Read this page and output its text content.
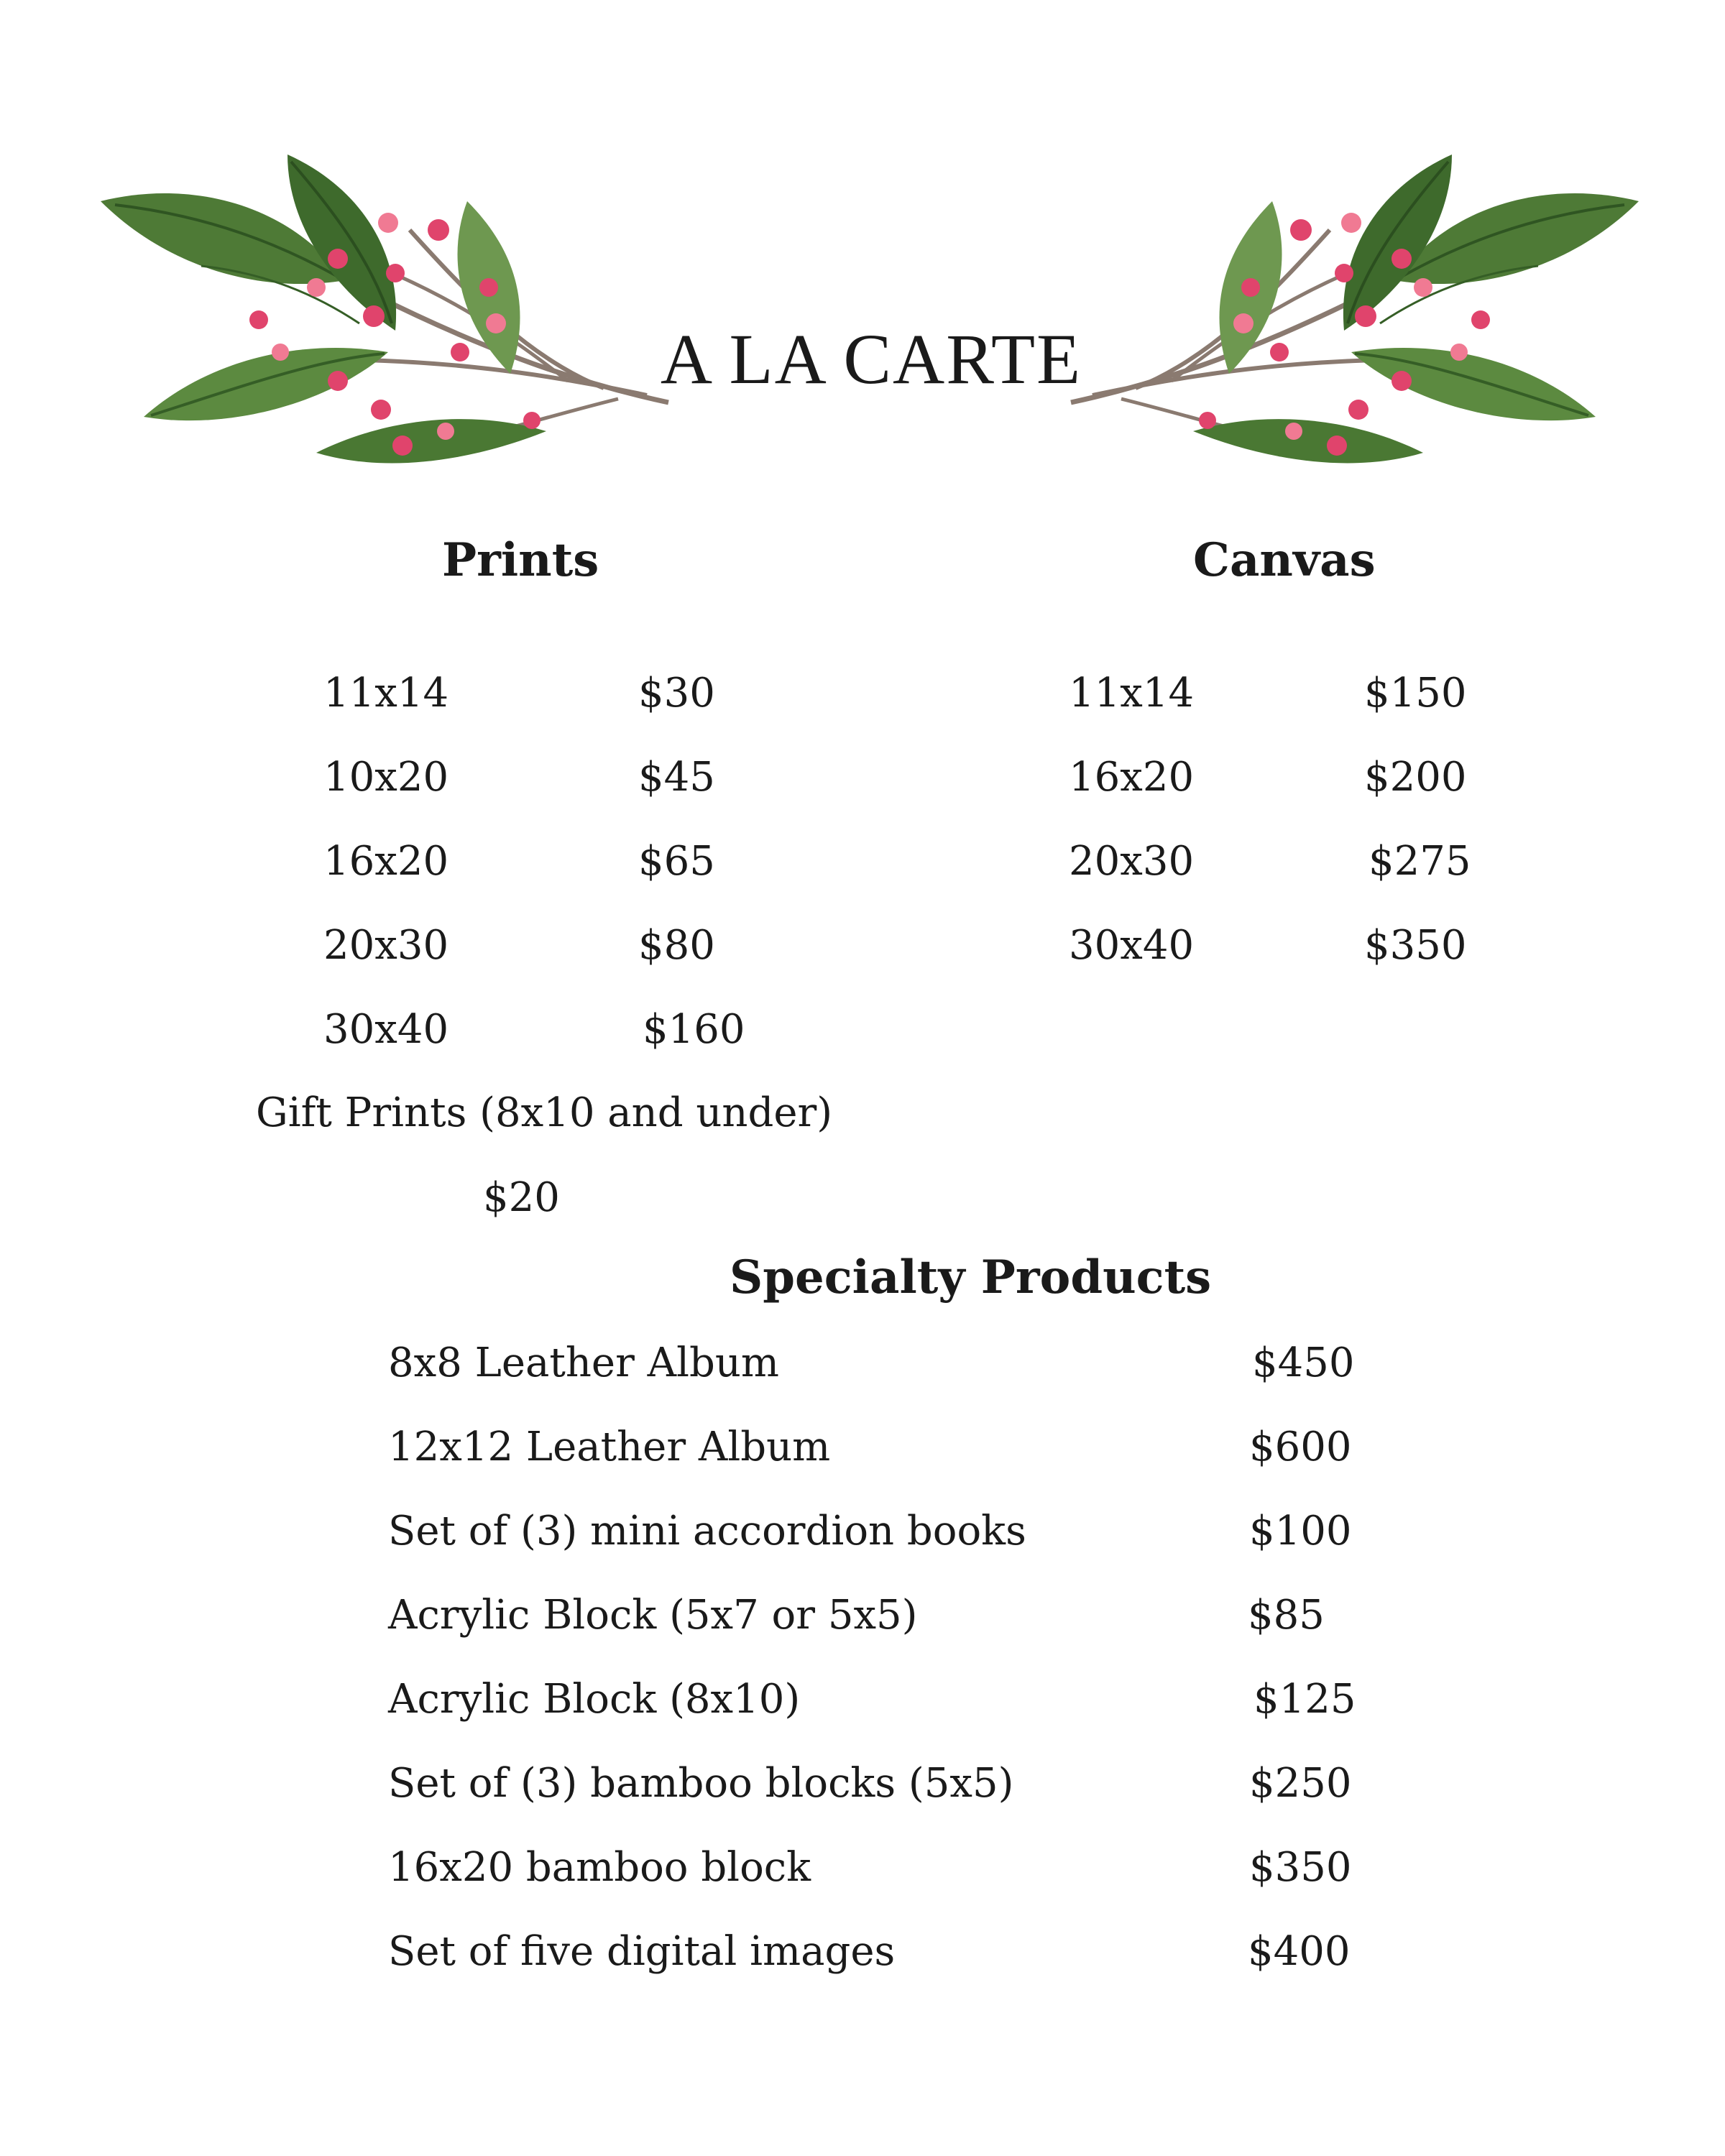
A LA CARTE
Prints
11x14	$30
10x20	$45
16x20	$65
20x30	$80
30x40	$160
Gift Prints (8x10 and under)
$20
Canvas
11x14	$150
16x20	$200
20x30	$275
30x40	$350
Specialty Products
8x8 Leather Album	$450
12x12 Leather Album	$600
Set of (3) mini accordion books	$100
Acrylic Block (5x7 or 5x5)	$85
Acrylic Block (8x10)	$125
Set of (3) bamboo blocks (5x5)	$250
16x20 bamboo block	$350
Set of five digital images	$400
